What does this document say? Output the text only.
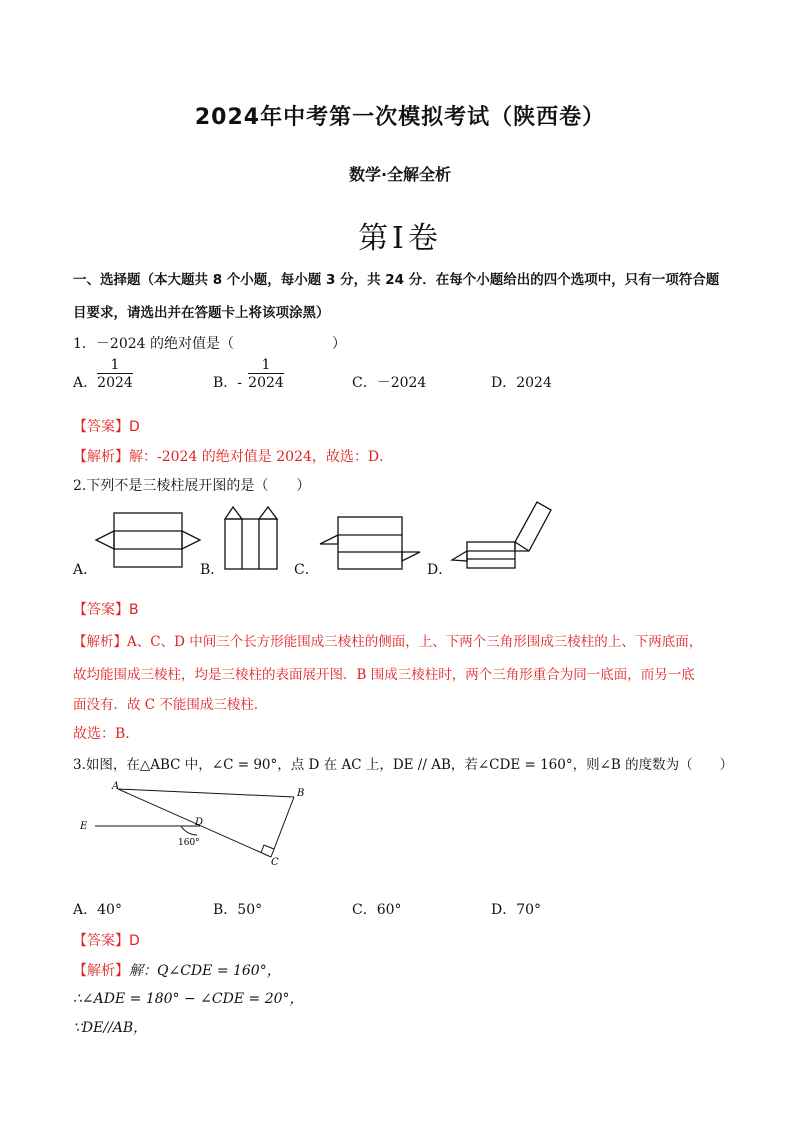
2024年中考第一次模拟考试（陕西卷）
数学·全解全析
第Ⅰ卷
一、选择题（本大题共 8 个小题，每小题 3 分，共 24 分．在每个小题给出的四个选项中，只有一项符合题
目要求，请选出并在答题卡上将该项涂黑）
1．－2024 的绝对值是（　　　　　　　）
A． $\frac{1}{2024}$	B．- $\frac{1}{2024}$	C．－2024	D．2024
【答案】D
【解析】解：-2024 的绝对值是 2024，故选：D．
2.下列不是三棱柱展开图的是（　　）
A．	B．	C．	D．
【答案】B
【解析】A、C、D 中间三个长方形能围成三棱柱的侧面，上、下两个三角形围成三棱柱的上、下两底面，
故均能围成三棱柱，均是三棱柱的表面展开图．B 围成三棱柱时，两个三角形重合为同一底面，而另一底
面没有．故 C 不能围成三棱柱．
故选：B．
3.如图，在△ABC 中，∠C = 90°，点 D 在 AC 上，DE // AB，若∠CDE = 160°，则∠B 的度数为（　　）
A
B
C
D
E
160°
A．40°	B．50°	C．60°	D．70°
【答案】D
【解析】解：Q∠CDE = 160°，
∴∠ADE = 180° − ∠CDE = 20°，
∵DE//AB，
